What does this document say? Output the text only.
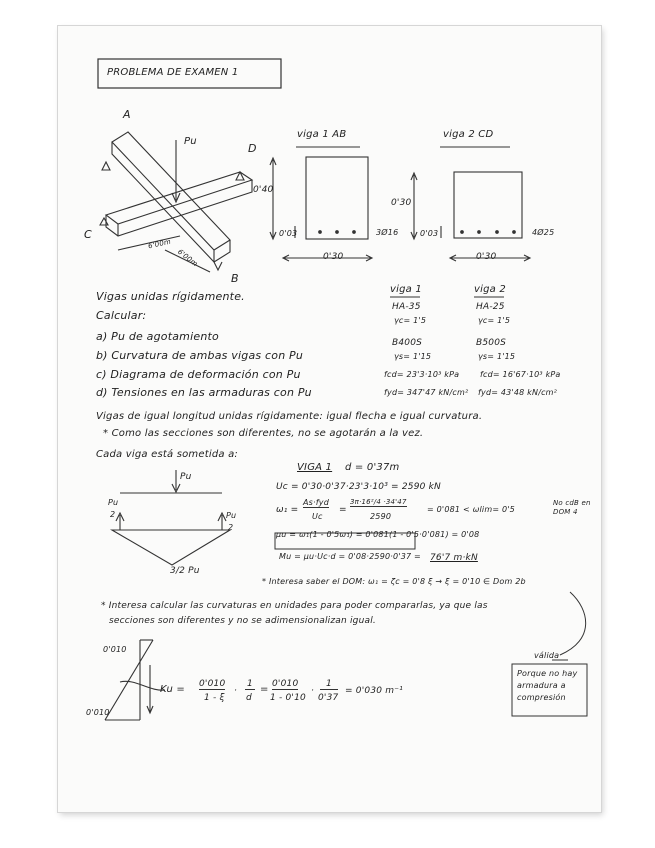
PROBLEMA DE EXAMEN 1
A
C
D
B
Pu
6'00m
6'00m
viga 1 AB
0'40
0'03	3Ø16
0'30
viga 2 CD
0'30
0'03	4Ø25
0'30
Vigas unidas rígidamente.
Calcular:
a) Pu de agotamiento
b) Curvatura de ambas vigas con Pu
c) Diagrama de deformación con Pu
d) Tensiones en las armaduras con Pu
viga 1
HA-35
γc= 1'5
B400S
γs= 1'15
fcd= 23'3·10³ kPa
fyd= 347'47 kN/cm²
viga 2
HA-25
γc= 1'5
B500S
γs= 1'15
fcd= 16'67·10³ kPa
fyd= 43'48 kN/cm²
Vigas de igual longitud unidas rígidamente: igual flecha e igual curvatura.
* Como las secciones son diferentes, no se agotarán a la vez.
Cada viga está sometida a:
Pu
Pu
2	Pu
2
3/2 Pu
VIGA 1 d = 0'37m
Uc = 0'30·0'37·23'3·10³ = 2590 kN
ω₁ =
As·fyd
Uc
=
3π·16²/4 ·34'47
2590
= 0'081 < ωlim= 0'5
No cdB en DOM 4
μu = ω₁(1 - 0'5ω₁) = 0'081(1 - 0'5·0'081) = 0'08
Mu = μu·Uc·d = 0'08·2590·0'37 = 76'7 m·kN
* Interesa saber el DOM: ω₁ = ζc = 0'8 ξ → ξ = 0'10 ∈ Dom 2b
* Interesa calcular las curvaturas en unidades para poder compararlas, ya que las
secciones son diferentes y no se adimensionalizan igual.
válida
Porque no hay armadura a compresión
0'010
0'010
Ku = 0'010
1 - ξ
·
1
d
= 0'010
1 - 0'10
·
1
0'37
= 0'030 m⁻¹
